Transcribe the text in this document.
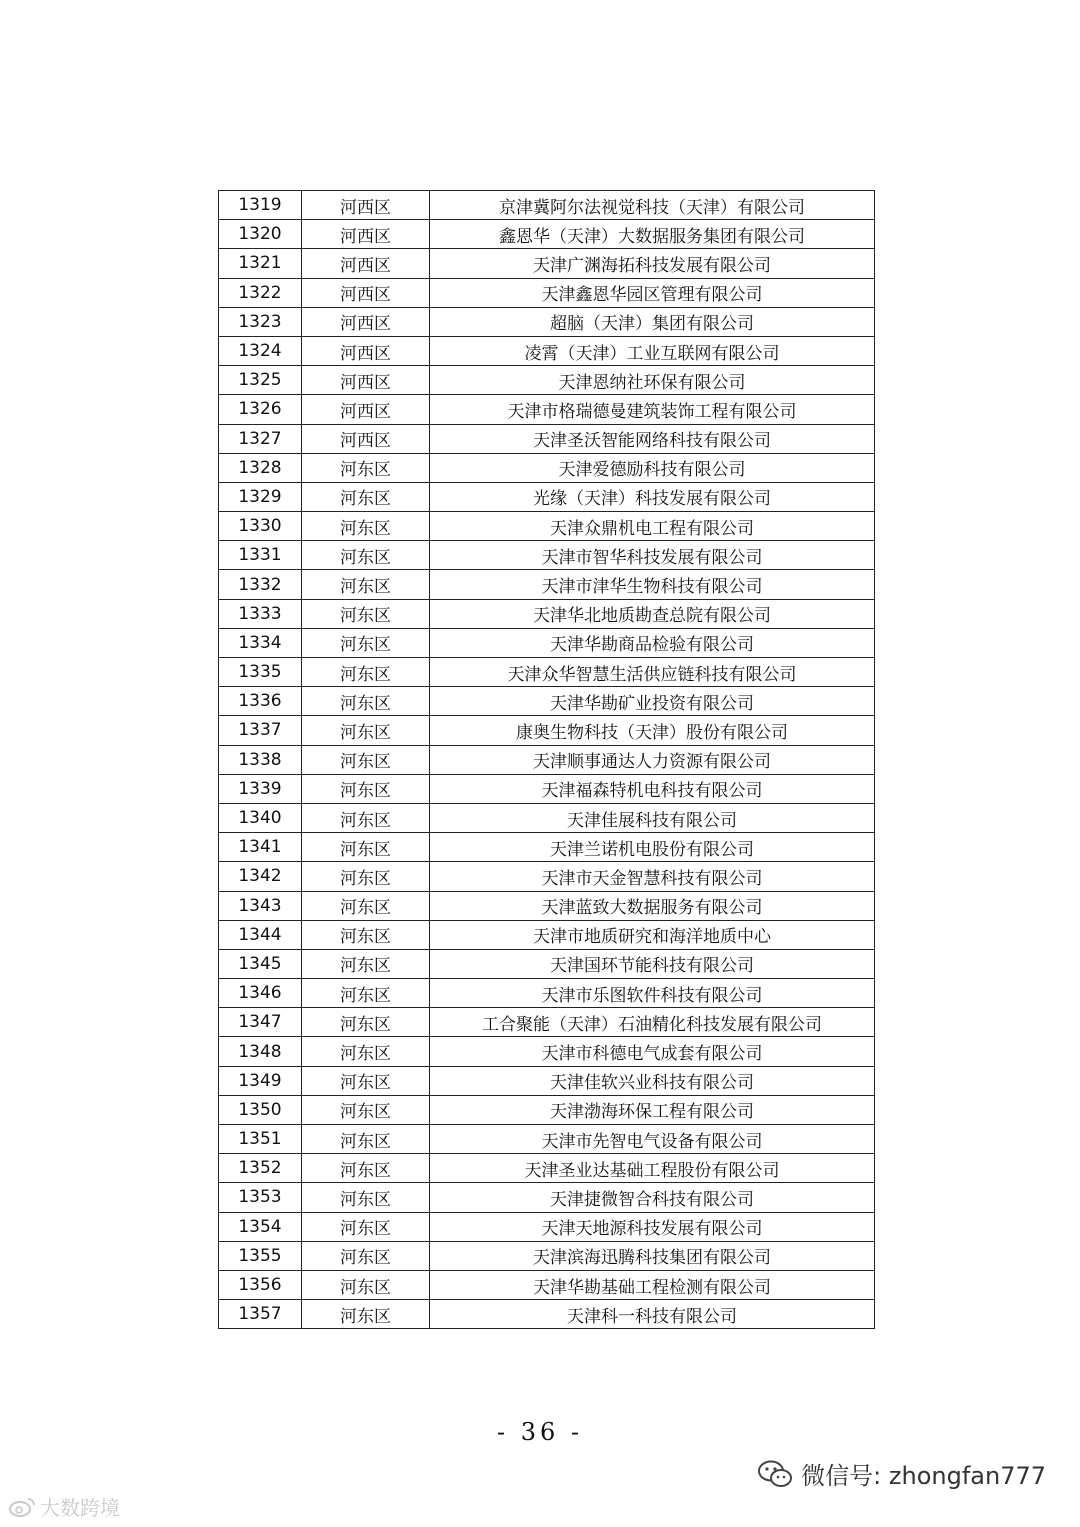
1319	河西区	京津冀阿尔法视觉科技（天津）有限公司
1320	河西区	鑫恩华（天津）大数据服务集团有限公司
1321	河西区	天津广渊海拓科技发展有限公司
1322	河西区	天津鑫恩华园区管理有限公司
1323	河西区	超脑（天津）集团有限公司
1324	河西区	凌霄（天津）工业互联网有限公司
1325	河西区	天津恩纳社环保有限公司
1326	河西区	天津市格瑞德曼建筑装饰工程有限公司
1327	河西区	天津圣沃智能网络科技有限公司
1328	河东区	天津爱德励科技有限公司
1329	河东区	光缘（天津）科技发展有限公司
1330	河东区	天津众鼎机电工程有限公司
1331	河东区	天津市智华科技发展有限公司
1332	河东区	天津市津华生物科技有限公司
1333	河东区	天津华北地质勘查总院有限公司
1334	河东区	天津华勘商品检验有限公司
1335	河东区	天津众华智慧生活供应链科技有限公司
1336	河东区	天津华勘矿业投资有限公司
1337	河东区	康奥生物科技（天津）股份有限公司
1338	河东区	天津顺事通达人力资源有限公司
1339	河东区	天津福森特机电科技有限公司
1340	河东区	天津佳展科技有限公司
1341	河东区	天津兰诺机电股份有限公司
1342	河东区	天津市天金智慧科技有限公司
1343	河东区	天津蓝致大数据服务有限公司
1344	河东区	天津市地质研究和海洋地质中心
1345	河东区	天津国环节能科技有限公司
1346	河东区	天津市乐图软件科技有限公司
1347	河东区	工合聚能（天津）石油精化科技发展有限公司
1348	河东区	天津市科德电气成套有限公司
1349	河东区	天津佳软兴业科技有限公司
1350	河东区	天津渤海环保工程有限公司
1351	河东区	天津市先智电气设备有限公司
1352	河东区	天津圣业达基础工程股份有限公司
1353	河东区	天津捷微智合科技有限公司
1354	河东区	天津天地源科技发展有限公司
1355	河东区	天津滨海迅腾科技集团有限公司
1356	河东区	天津华勘基础工程检测有限公司
1357	河东区	天津科一科技有限公司
- 36 -
大数跨境
微信号: zhongfan777
